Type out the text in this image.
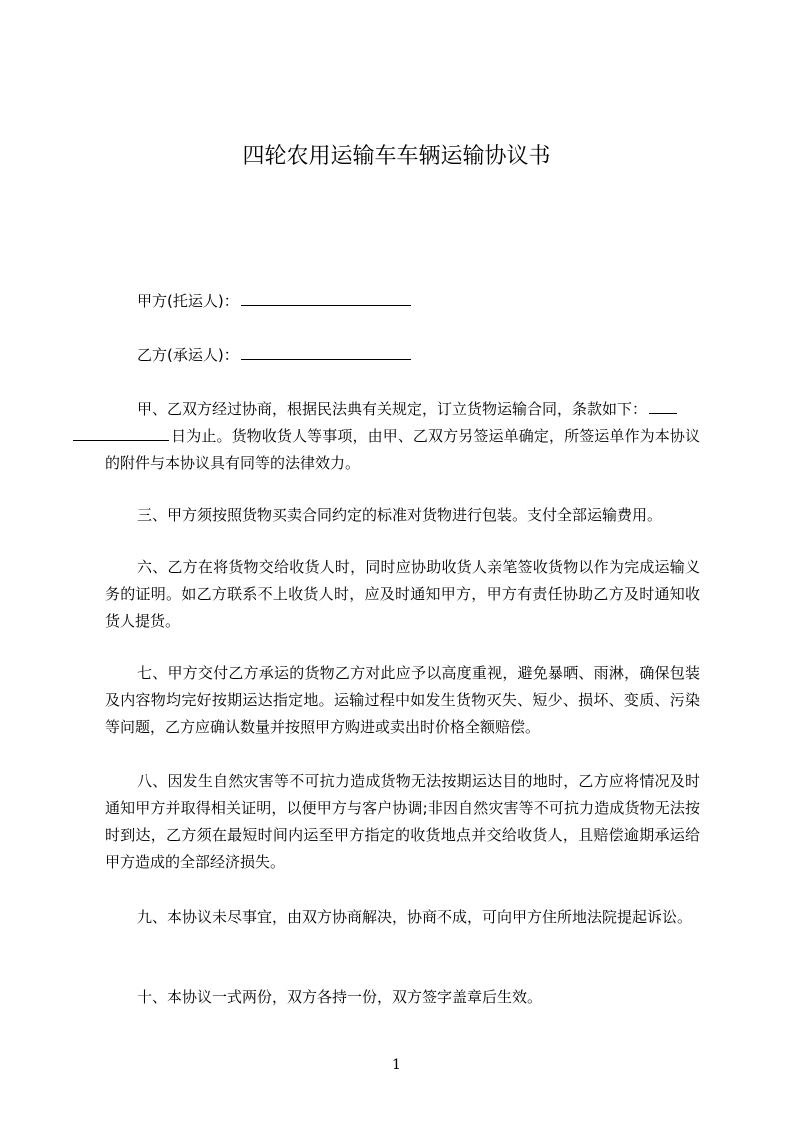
四轮农用运输车车辆运输协议书
甲方(托运人)：
乙方(承运人)：
甲、乙双方经过协商，根据民法典有关规定，订立货物运输合同，条款如下：
日为止。货物收货人等事项，由甲、乙双方另签运单确定，所签运单作为本协议的附件与本协议具有同等的法律效力。
三、甲方须按照货物买卖合同约定的标准对货物进行包装。支付全部运输费用。
六、乙方在将货物交给收货人时，同时应协助收货人亲笔签收货物以作为完成运输义务的证明。如乙方联系不上收货人时，应及时通知甲方，甲方有责任协助乙方及时通知收货人提货。
七、甲方交付乙方承运的货物乙方对此应予以高度重视，避免暴晒、雨淋，确保包装及内容物均完好按期运达指定地。运输过程中如发生货物灭失、短少、损坏、变质、污染等问题，乙方应确认数量并按照甲方购进或卖出时价格全额赔偿。
八、因发生自然灾害等不可抗力造成货物无法按期运达目的地时，乙方应将情况及时通知甲方并取得相关证明，以便甲方与客户协调;非因自然灾害等不可抗力造成货物无法按时到达，乙方须在最短时间内运至甲方指定的收货地点并交给收货人，且赔偿逾期承运给甲方造成的全部经济损失。
九、本协议未尽事宜，由双方协商解决，协商不成，可向甲方住所地法院提起诉讼。
十、本协议一式两份，双方各持一份，双方签字盖章后生效。
1
